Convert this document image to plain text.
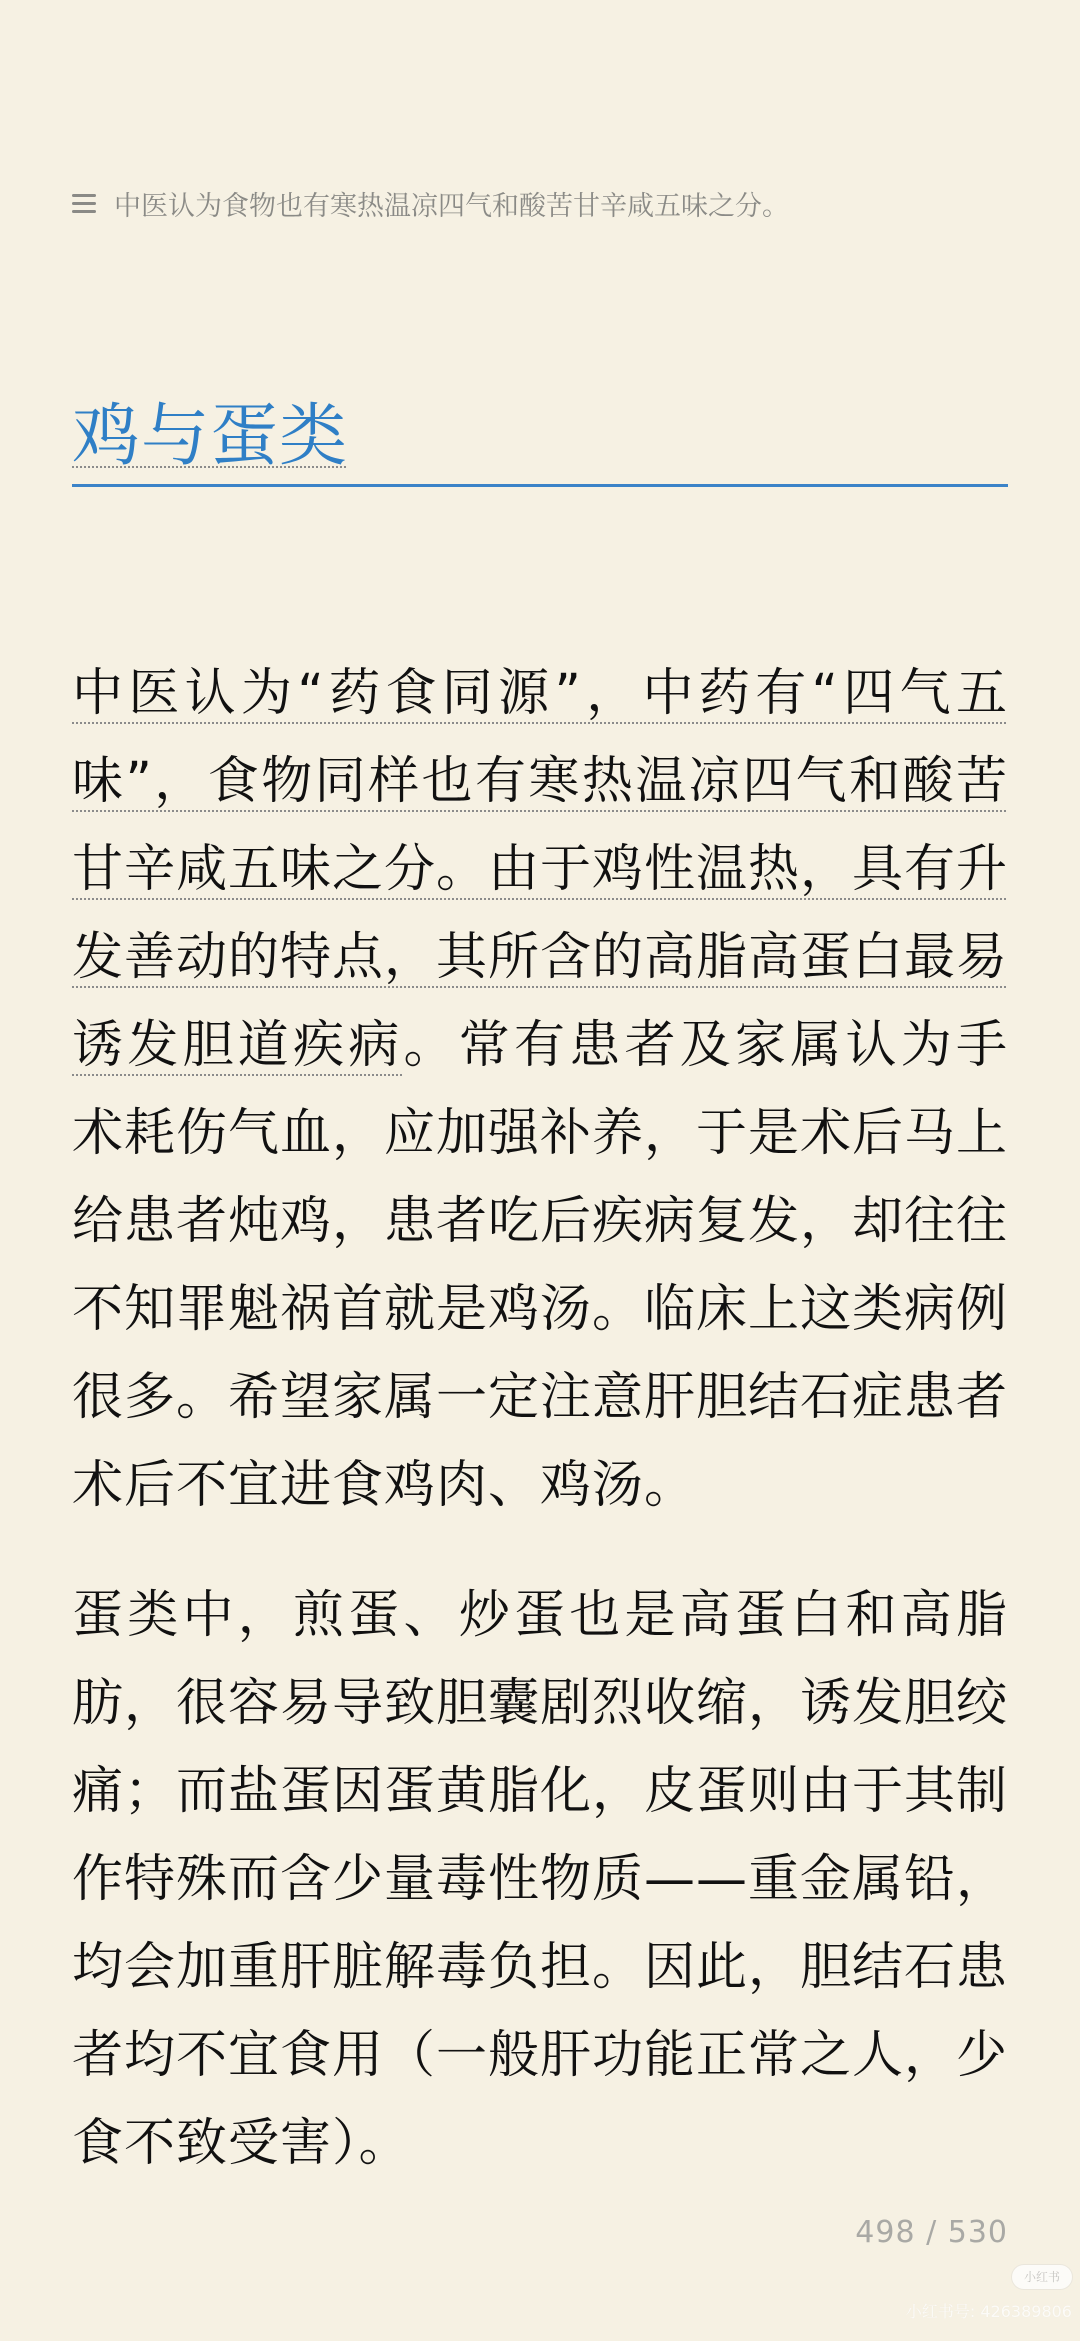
中医认为食物也有寒热温凉四气和酸苦甘辛咸五味之分。
鸡与蛋类

中医认为“药食同源”，中药有“四气五味”，食物同样也有寒热温凉四气和酸苦甘辛咸五味之分。由于鸡性温热，具有升发善动的特点，其所含的高脂高蛋白最易诱发胆道疾病。常有患者及家属认为手术耗伤气血，应加强补养，于是术后马上给患者炖鸡，患者吃后疾病复发，却往往不知罪魁祸首就是鸡汤。临床上这类病例很多。希望家属一定注意肝胆结石症患者术后不宜进食鸡肉、鸡汤。

蛋类中，煎蛋、炒蛋也是高蛋白和高脂肪，很容易导致胆囊剧烈收缩，诱发胆绞痛；而盐蛋因蛋黄脂化，皮蛋则由于其制作特殊而含少量毒性物质——重金属铅，均会加重肝脏解毒负担。因此，胆结石患者均不宜食用（一般肝功能正常之人，少食不致受害）。

498 / 530
小红书
小红书号: 426389806
